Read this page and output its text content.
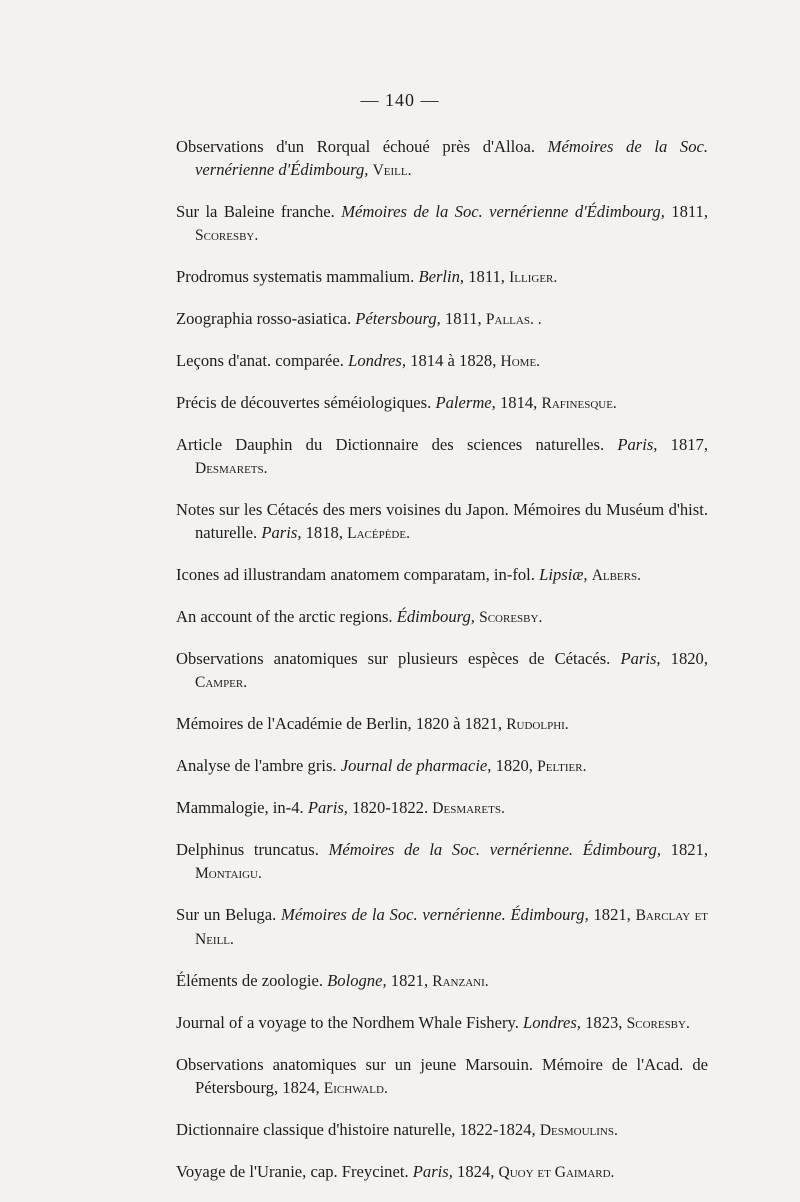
— 140 —

Observations d'un Rorqual échoué près d'Alloa. Mémoires de la Soc. vernérienne d'Édimbourg, Veill.

Sur la Baleine franche. Mémoires de la Soc. vernérienne d'Édimbourg, 1811, Scoresby.

Prodromus systematis mammalium. Berlin, 1811, Illiger.

Zoographia rosso-asiatica. Pétersbourg, 1811, Pallas. .

Leçons d'anat. comparée. Londres, 1814 à 1828, Home.

Précis de découvertes séméiologiques. Palerme, 1814, Rafinesque.

Article Dauphin du Dictionnaire des sciences naturelles. Paris, 1817, Desmarets.

Notes sur les Cétacés des mers voisines du Japon. Mémoires du Muséum d'hist. naturelle. Paris, 1818, Lacépède.

Icones ad illustrandam anatomem comparatam, in-fol. Lipsiæ, Albers.

An account of the arctic regions. Édimbourg, Scoresby.

Observations anatomiques sur plusieurs espèces de Cétacés. Paris, 1820, Camper.

Mémoires de l'Académie de Berlin, 1820 à 1821, Rudolphi.

Analyse de l'ambre gris. Journal de pharmacie, 1820, Peltier.

Mammalogie, in-4. Paris, 1820-1822. Desmarets.

Delphinus truncatus. Mémoires de la Soc. vernérienne. Édimbourg, 1821, Montaigu.

Sur un Beluga. Mémoires de la Soc. vernérienne. Édimbourg, 1821, Barclay et Neill.

Éléments de zoologie. Bologne, 1821, Ranzani.

Journal of a voyage to the Nordhem Whale Fishery. Londres, 1823, Scoresby.

Observations anatomiques sur un jeune Marsouin. Mémoire de l'Acad. de Pétersbourg, 1824, Eichwald.

Dictionnaire classique d'histoire naturelle, 1822-1824, Desmoulins.

Voyage de l'Uranie, cap. Freycinet. Paris, 1824, Quoy et Gaimard.
